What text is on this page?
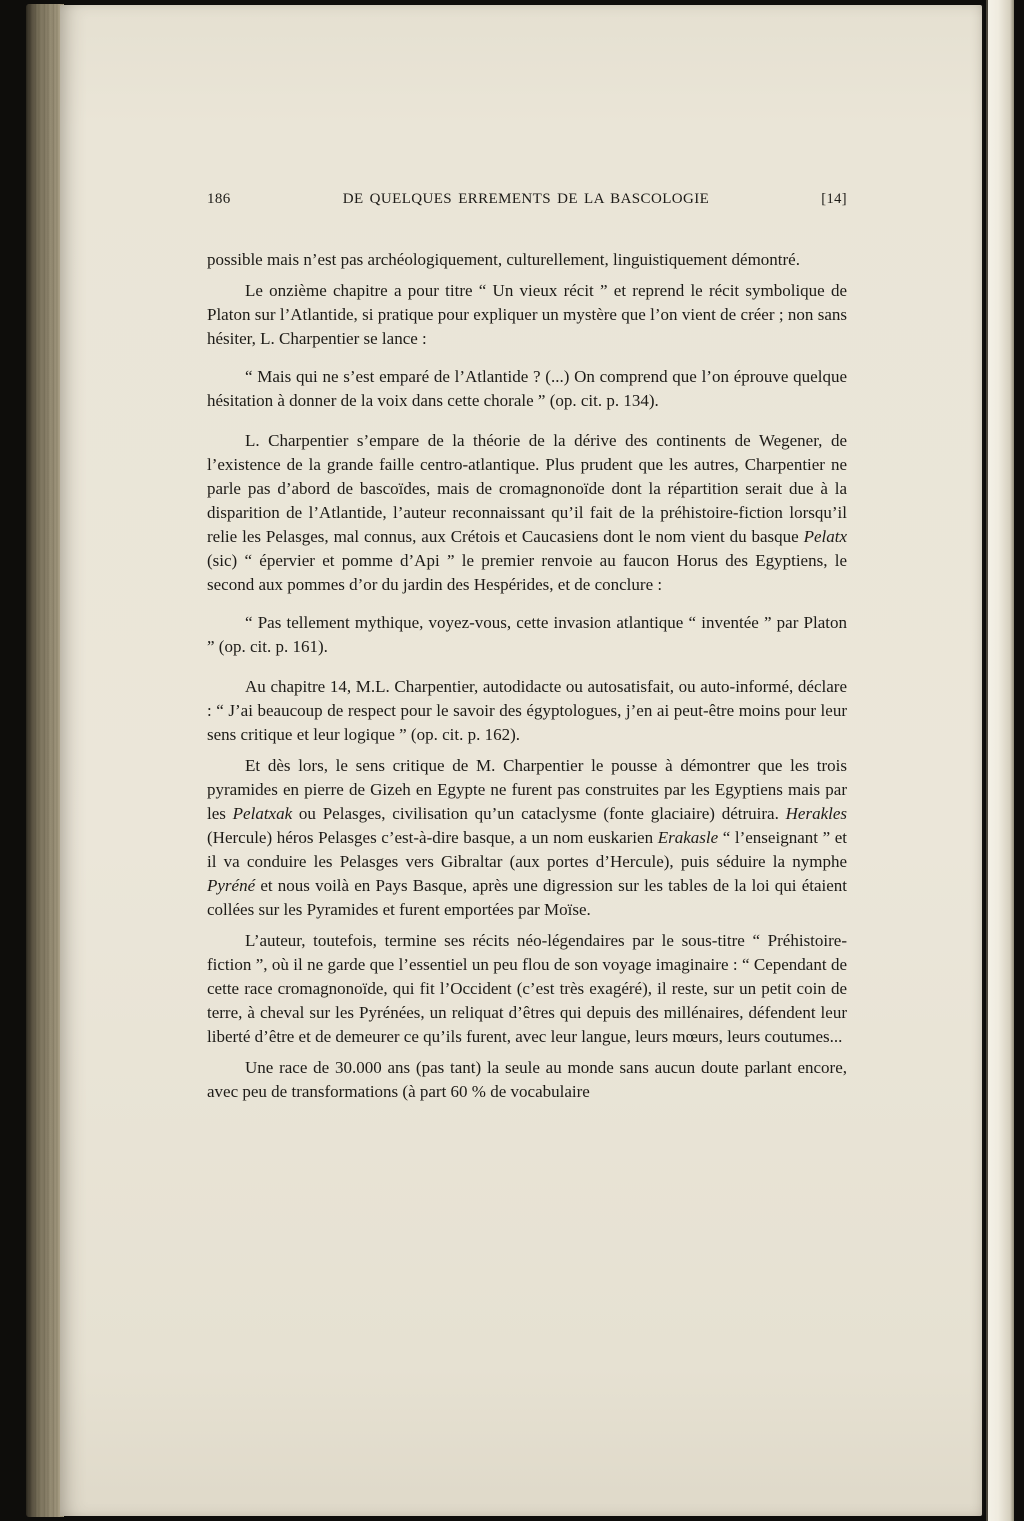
186	DE QUELQUES ERREMENTS DE LA BASCOLOGIE	[14]

possible mais n’est pas archéologiquement, culturellement, linguistiquement démontré.

Le onzième chapitre a pour titre “ Un vieux récit ” et reprend le récit symbolique de Platon sur l’Atlantide, si pratique pour expliquer un mystère que l’on vient de créer ; non sans hésiter, L. Charpentier se lance :

“ Mais qui ne s’est emparé de l’Atlantide ? (...) On comprend que l’on éprouve quelque hésitation à donner de la voix dans cette chorale ” (op. cit. p. 134).

L. Charpentier s’empare de la théorie de la dérive des continents de Wegener, de l’existence de la grande faille centro-atlantique. Plus prudent que les autres, Charpentier ne parle pas d’abord de bascoïdes, mais de cromagnonoïde dont la répartition serait due à la disparition de l’Atlantide, l’auteur reconnaissant qu’il fait de la préhistoire-fiction lorsqu’il relie les Pelasges, mal connus, aux Crétois et Caucasiens dont le nom vient du basque Pelatx (sic) “ épervier et pomme d’Api ” le premier renvoie au faucon Horus des Egyptiens, le second aux pommes d’or du jardin des Hespérides, et de conclure :

“ Pas tellement mythique, voyez-vous, cette invasion atlantique “ inventée ” par Platon ” (op. cit. p. 161).

Au chapitre 14, M.L. Charpentier, autodidacte ou autosatisfait, ou auto-informé, déclare : “ J’ai beaucoup de respect pour le savoir des égyptologues, j’en ai peut-être moins pour leur sens critique et leur logique ” (op. cit. p. 162).

Et dès lors, le sens critique de M. Charpentier le pousse à démontrer que les trois pyramides en pierre de Gizeh en Egypte ne furent pas construites par les Egyptiens mais par les Pelatxak ou Pelasges, civilisation qu’un cataclysme (fonte glaciaire) détruira. Herakles (Hercule) héros Pelasges c’est-à-dire basque, a un nom euskarien Erakasle “ l’enseignant ” et il va conduire les Pelasges vers Gibraltar (aux portes d’Hercule), puis séduire la nymphe Pyréné et nous voilà en Pays Basque, après une digression sur les tables de la loi qui étaient collées sur les Pyramides et furent emportées par Moïse.

L’auteur, toutefois, termine ses récits néo-légendaires par le sous-titre “ Préhistoire-fiction ”, où il ne garde que l’essentiel un peu flou de son voyage imaginaire : “ Cependant de cette race cromagnonoïde, qui fit l’Occident (c’est très exagéré), il reste, sur un petit coin de terre, à cheval sur les Pyrénées, un reliquat d’êtres qui depuis des millénaires, défendent leur liberté d’être et de demeurer ce qu’ils furent, avec leur langue, leurs mœurs, leurs coutumes...

Une race de 30.000 ans (pas tant) la seule au monde sans aucun doute parlant encore, avec peu de transformations (à part 60 % de vocabulaire
